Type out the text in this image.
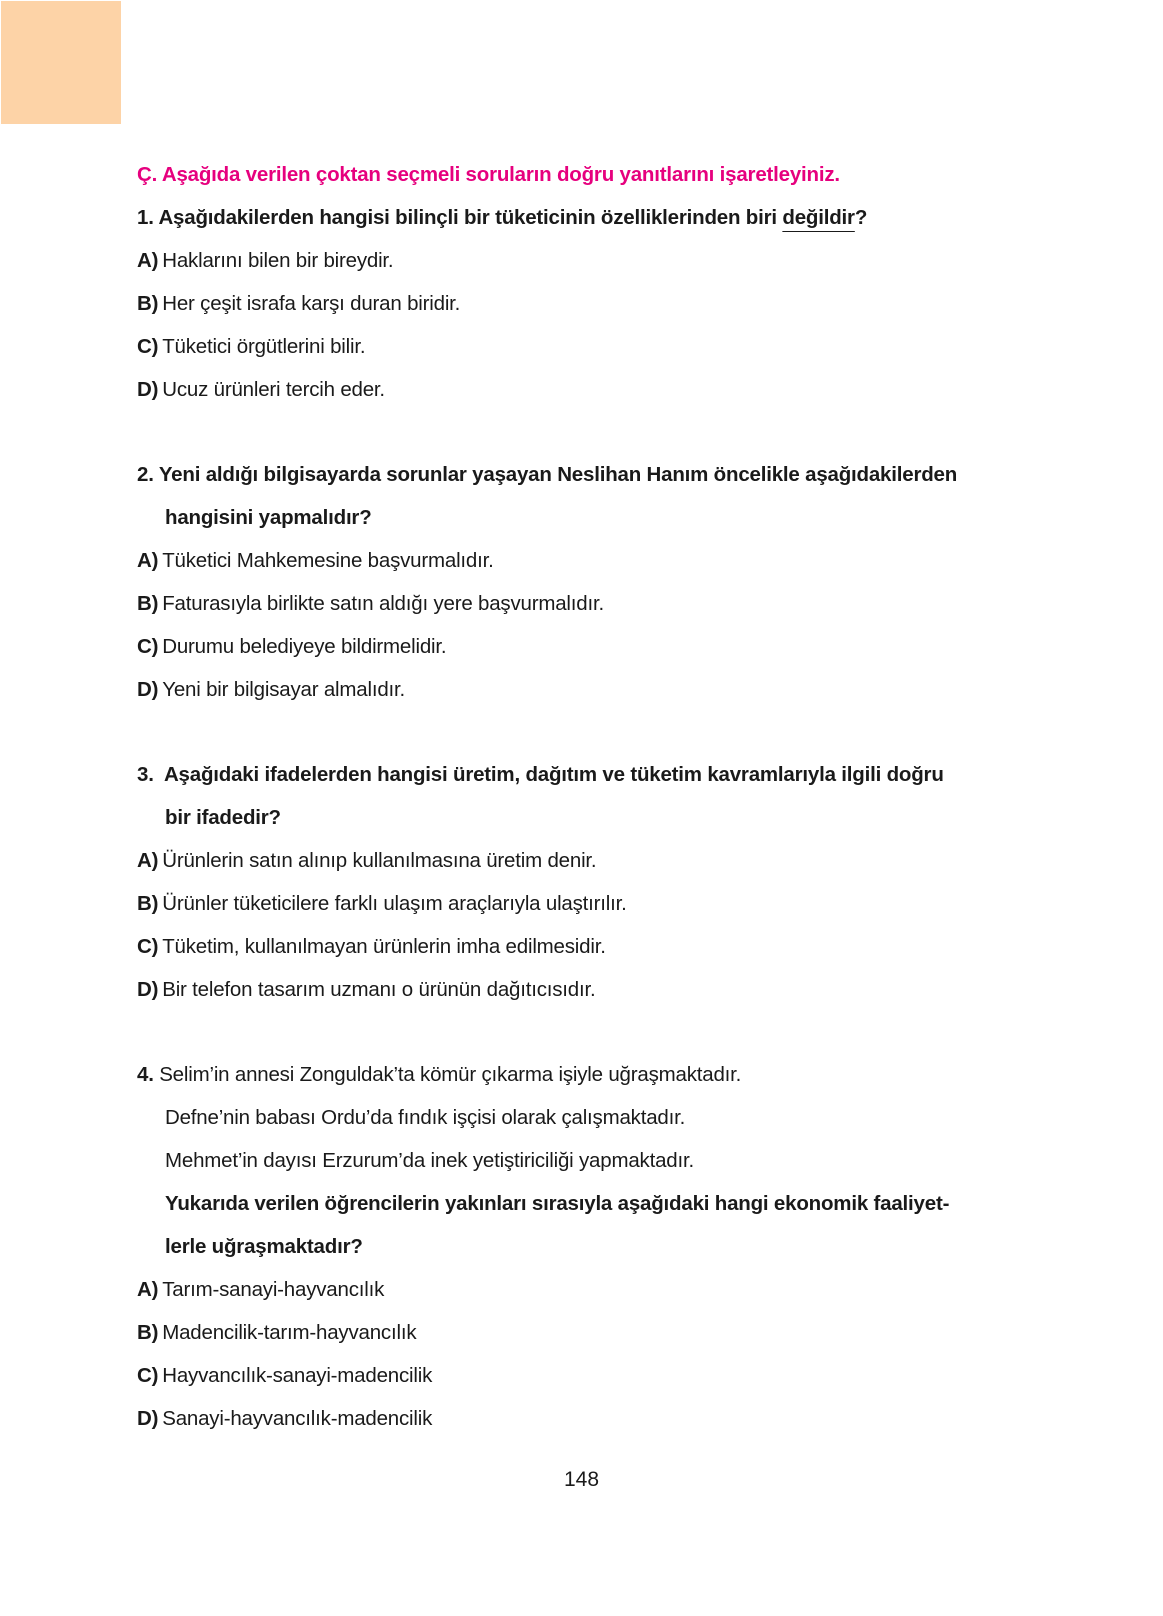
Ç. Aşağıda verilen çoktan seçmeli soruların doğru yanıtlarını işaretleyiniz.
1. Aşağıdakilerden hangisi bilinçli bir tüketicinin özelliklerinden biri değildir?
A) Haklarını bilen bir bireydir.
B) Her çeşit israfa karşı duran biridir.
C) Tüketici örgütlerini bilir.
D) Ucuz ürünleri tercih eder.
2. Yeni aldığı bilgisayarda sorunlar yaşayan Neslihan Hanım öncelikle aşağıdakilerden
hangisini yapmalıdır?
A) Tüketici Mahkemesine başvurmalıdır.
B) Faturasıyla birlikte satın aldığı yere başvurmalıdır.
C) Durumu belediyeye bildirmelidir.
D) Yeni bir bilgisayar almalıdır.
3. Aşağıdaki ifadelerden hangisi üretim, dağıtım ve tüketim kavramlarıyla ilgili doğru
bir ifadedir?
A) Ürünlerin satın alınıp kullanılmasına üretim denir.
B) Ürünler tüketicilere farklı ulaşım araçlarıyla ulaştırılır.
C) Tüketim, kullanılmayan ürünlerin imha edilmesidir.
D) Bir telefon tasarım uzmanı o ürünün dağıtıcısıdır.
4. Selim’in annesi Zonguldak’ta kömür çıkarma işiyle uğraşmaktadır.
Defne’nin babası Ordu’da fındık işçisi olarak çalışmaktadır.
Mehmet’in dayısı Erzurum’da inek yetiştiriciliği yapmaktadır.
Yukarıda verilen öğrencilerin yakınları sırasıyla aşağıdaki hangi ekonomik faaliyet-
lerle uğraşmaktadır?
A) Tarım-sanayi-hayvancılık
B) Madencilik-tarım-hayvancılık
C) Hayvancılık-sanayi-madencilik
D) Sanayi-hayvancılık-madencilik
148
